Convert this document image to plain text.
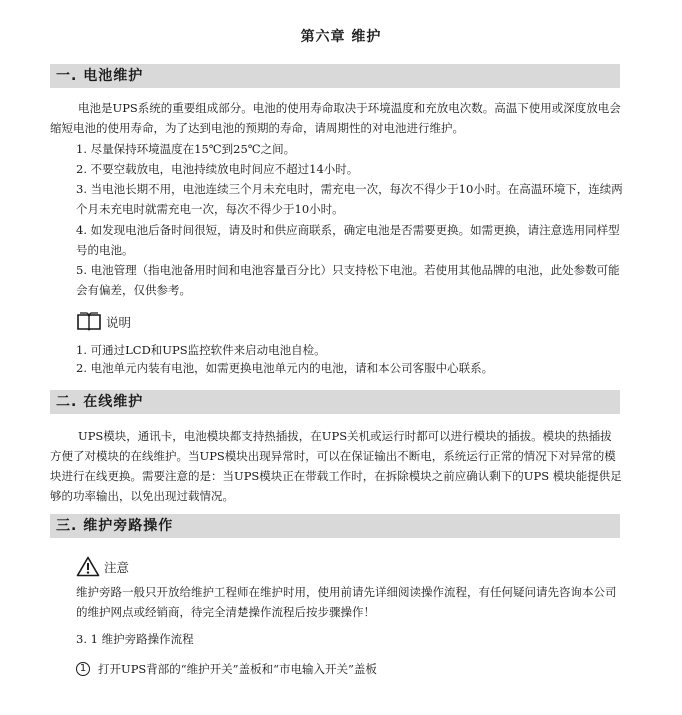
第六章 维护
一. 电池维护

电池是UPS系统的重要组成部分。电池的使用寿命取决于环境温度和充放电次数。高温下使用或深度放电会缩短电池的使用寿命，为了达到电池的预期的寿命，请周期性的对电池进行维护。

1. 尽量保持环境温度在15℃到25℃之间。

2. 不要空载放电，电池持续放电时间应不超过14小时。

3. 当电池长期不用，电池连续三个月未充电时，需充电一次，每次不得少于10小时。在高温环境下，连续两个月未充电时就需充电一次，每次不得少于10小时。

4. 如发现电池后备时间很短，请及时和供应商联系，确定电池是否需要更换。如需更换，请注意选用同样型号的电池。

5. 电池管理（指电池备用时间和电池容量百分比）只支持松下电池。若使用其他品牌的电池，此处参数可能会有偏差，仅供参考。

说明

1. 可通过LCD和UPS监控软件来启动电池自检。

2. 电池单元内装有电池，如需更换电池单元内的电池，请和本公司客服中心联系。

二. 在线维护

UPS模块，通讯卡，电池模块都支持热插拔，在UPS关机或运行时都可以进行模块的插拔。模块的热插拔方便了对模块的在线维护。当UPS模块出现异常时，可以在保证输出不断电，系统运行正常的情况下对异常的模块进行在线更换。需要注意的是：当UPS模块正在带载工作时，在拆除模块之前应确认剩下的UPS 模块能提供足够的功率输出，以免出现过载情况。

三. 维护旁路操作
注意

维护旁路一般只开放给维护工程师在维护时用，使用前请先详细阅读操作流程，有任何疑问请先咨询本公司的维护网点或经销商，待完全清楚操作流程后按步骤操作！

3. 1 维护旁路操作流程
1	打开UPS背部的“维护开关”盖板和“市电输入开关”盖板
